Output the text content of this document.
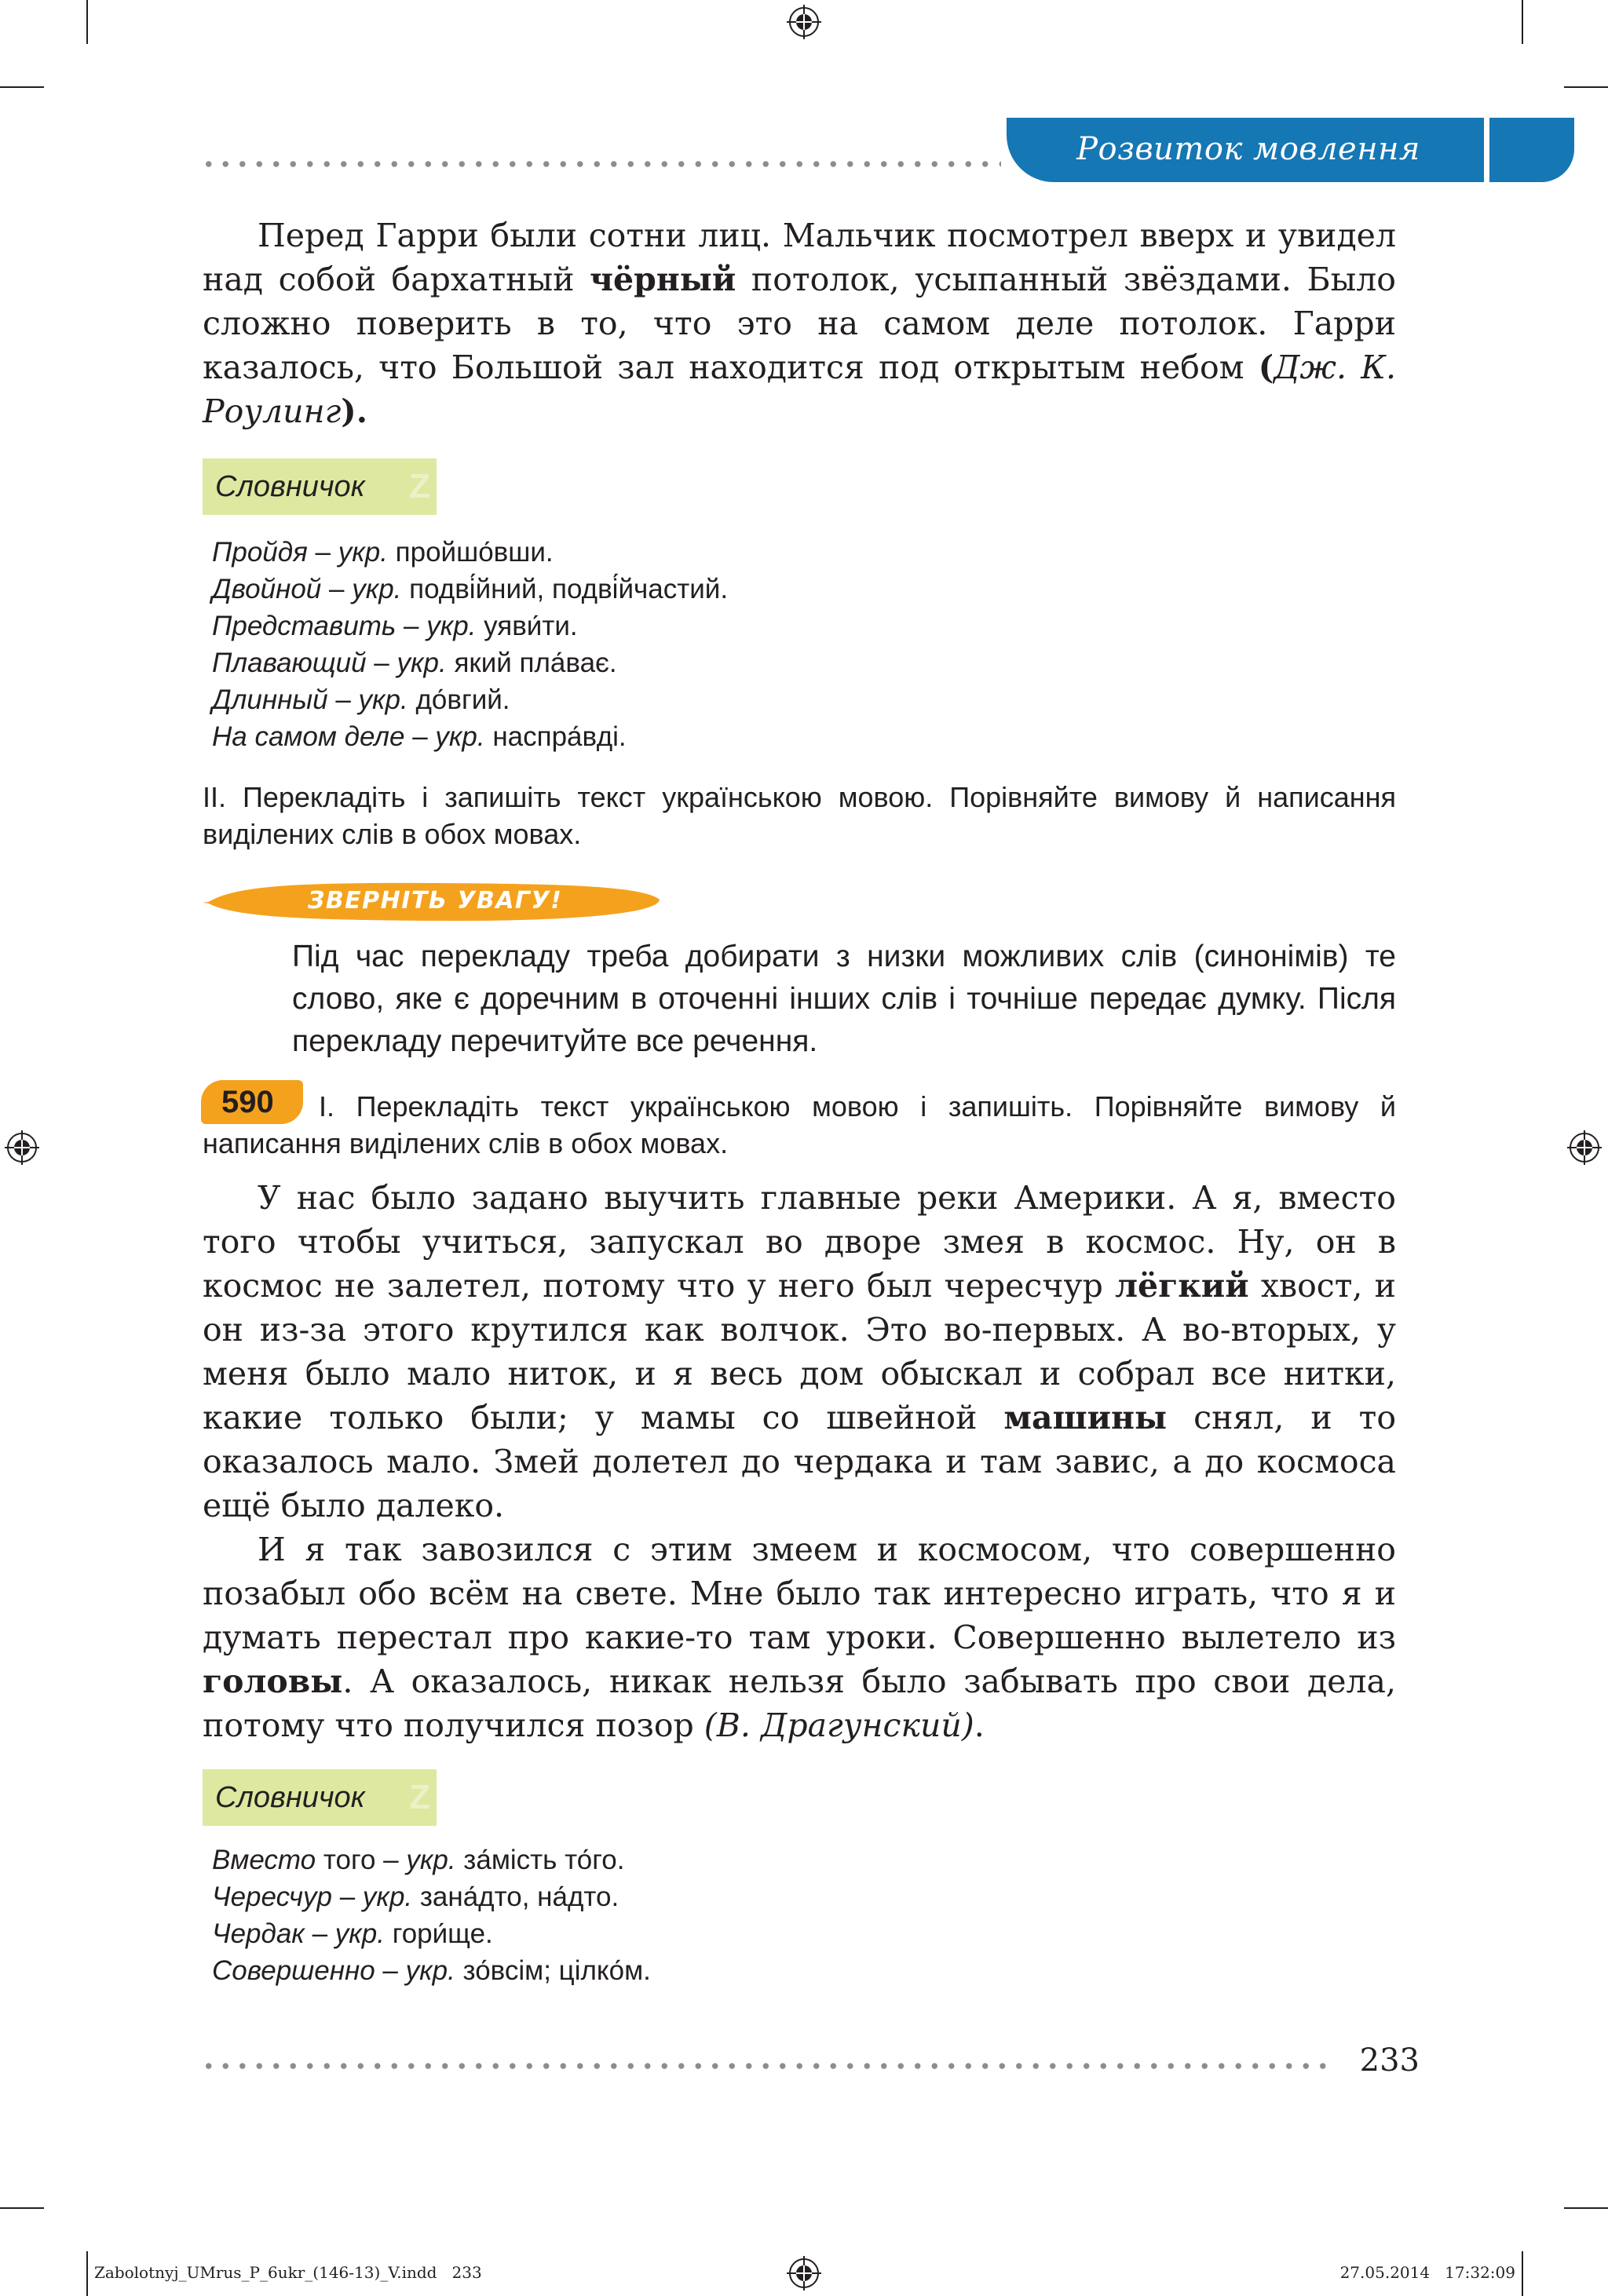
Розвиток мовлення

Перед Гарри были сотни лиц. Мальчик посмотрел вверх и увидел над собой бархатный чёрный потолок, усыпанный звёздами. Было сложно поверить в то, что это на самом деле потолок. Гарри казалось, что Большой зал находится под открытым небом (Дж. К. Роулинг).

Словничок Z
Пройдя – укр. пройшо́вши.
Двойной – укр. подві́йний, подві́йчастий.
Представить – укр. уяви́ти.
Плавающий – укр. який пла́ває.
Длинный – укр. до́вгий.
На самом деле – укр. наспра́вді.
ІІ. Перекладіть і запишіть текст українською мовою. Порівняйте вимову й написання виділених слів в обох мовах.
ЗВЕРНІТЬ УВАГУ!
Під час перекладу треба добирати з низки можливих слів (синонімів) те слово, яке є доречним в оточенні інших слів і точніше передає думку. Після перекладу перечитуйте все речення.
590	І. Перекладіть текст українською мовою і запишіть. Порівняйте вимову й написання виділених слів в обох мовах.

У нас было задано выучить главные реки Америки. А я, вместо того чтобы учиться, запускал во дворе змея в космос. Ну, он в космос не залетел, потому что у него был чересчур лёгкий хвост, и он из-за этого крутился как волчок. Это во-первых. А во-вторых, у меня было мало ниток, и я весь дом обыскал и собрал все нитки, какие только были; у мамы со швейной машины снял, и то оказалось мало. Змей долетел до чердака и там завис, а до космоса ещё было далеко.

И я так завозился с этим змеем и космосом, что совершенно позабыл обо всём на свете. Мне было так интересно играть, что я и думать перестал про какие-то там уроки. Совершенно вылетело из головы. А оказалось, никак нельзя было забывать про свои дела, потому что получился позор (В. Драгунский).

Словничок Z
Вместо того – укр. за́мість то́го.
Чересчур – укр. зана́дто, на́дто.
Чердак – укр. гори́ще.
Совершенно – укр. зо́всім; цілко́м.
233
Zabolotnyj_UMrus_P_6ukr_(146-13)_V.indd   233	27.05.2014   17:32:09
